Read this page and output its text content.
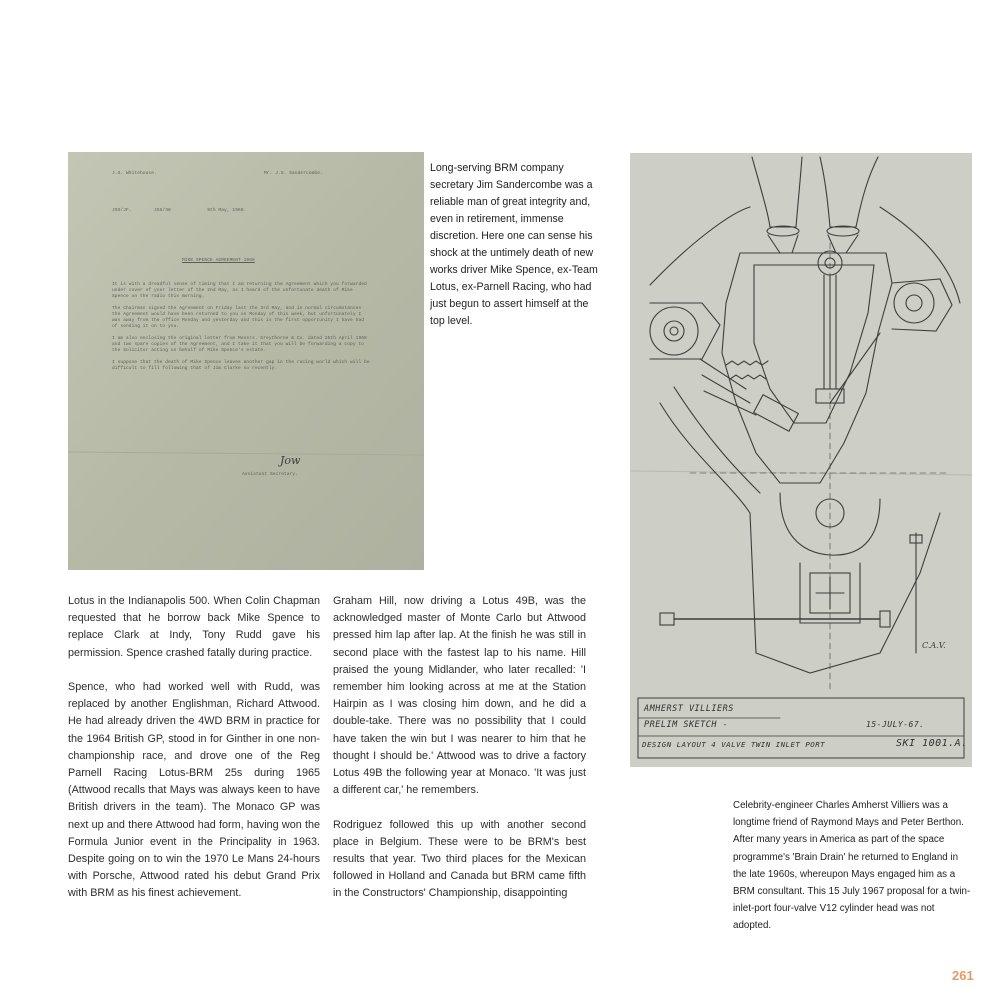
J.S. Whitehouse.	Mr. J.S. Sandercombe.
JSS/JF.        JSS/38             9th May, 1968.
MIKE SPENCE AGREEMENT 1968
It is with a dreadful sense of timing that I am returning the Agreement which you forwarded under cover of your letter of the 2nd May, as I heard of the unfortunate death of Mike Spence on the radio this morning.

The Chairman signed the Agreement on Friday last the 3rd May, and in normal circumstances the Agreement would have been returned to you on Monday of this week, but unfortunately I was away from the office Monday and yesterday and this is the first opportunity I have had of sending it on to you.

I am also enclosing the original letter from Messrs. Greythorne & Co. dated 25th April 1968 and two spare copies of the Agreement, and I take it that you will be forwarding a copy to the Solicitor acting on behalf of Mike Spence's estate.

I suppose that the death of Mike Spence leaves another gap in the racing world which will be difficult to fill following that of Jim Clarke so recently.
Jow
Assistant Secretary.

Long-serving BRM company secretary Jim Sandercombe was a reliable man of great integrity and, even in retirement, immense discretion. Here one can sense his shock at the untimely death of new works driver Mike Spence, ex-Team Lotus, ex-Parnell Racing, who had just begun to assert himself at the top level.

C.A.V.
AMHERST VILLIERS
PRELIM SKETCH -	15-JULY-67.
DESIGN LAYOUT 4 VALVE TWIN INLET PORT	SKI 1001.A.

Lotus in the Indianapolis 500. When Colin Chapman requested that he borrow back Mike Spence to replace Clark at Indy, Tony Rudd gave his permission. Spence crashed fatally during practice.

Spence, who had worked well with Rudd, was replaced by another Englishman, Richard Attwood. He had already driven the 4WD BRM in practice for the 1964 British GP, stood in for Ginther in one non-championship race, and drove one of the Reg Parnell Racing Lotus-BRM 25s during 1965 (Attwood recalls that Mays was always keen to have British drivers in the team). The Monaco GP was next up and there Attwood had form, having won the Formula Junior event in the Principality in 1963. Despite going on to win the 1970 Le Mans 24-hours with Porsche, Attwood rated his debut Grand Prix with BRM as his finest achievement.

Graham Hill, now driving a Lotus 49B, was the acknowledged master of Monte Carlo but Attwood pressed him lap after lap. At the finish he was still in second place with the fastest lap to his name. Hill praised the young Midlander, who later recalled: 'I remember him looking across at me at the Station Hairpin as I was closing him down, and he did a double-take. There was no possibility that I could have taken the win but I was nearer to him that he thought I should be.' Attwood was to drive a factory Lotus 49B the following year at Monaco. 'It was just a different car,' he remembers.

Rodriguez followed this up with another second place in Belgium. These were to be BRM's best results that year. Two third places for the Mexican followed in Holland and Canada but BRM came fifth in the Constructors' Championship, disappointing

Celebrity-engineer Charles Amherst Villiers was a longtime friend of Raymond Mays and Peter Berthon. After many years in America as part of the space programme's 'Brain Drain' he returned to England in the late 1960s, whereupon Mays engaged him as a BRM consultant. This 15 July 1967 proposal for a twin-inlet-port four-valve V12 cylinder head was not adopted.

261
